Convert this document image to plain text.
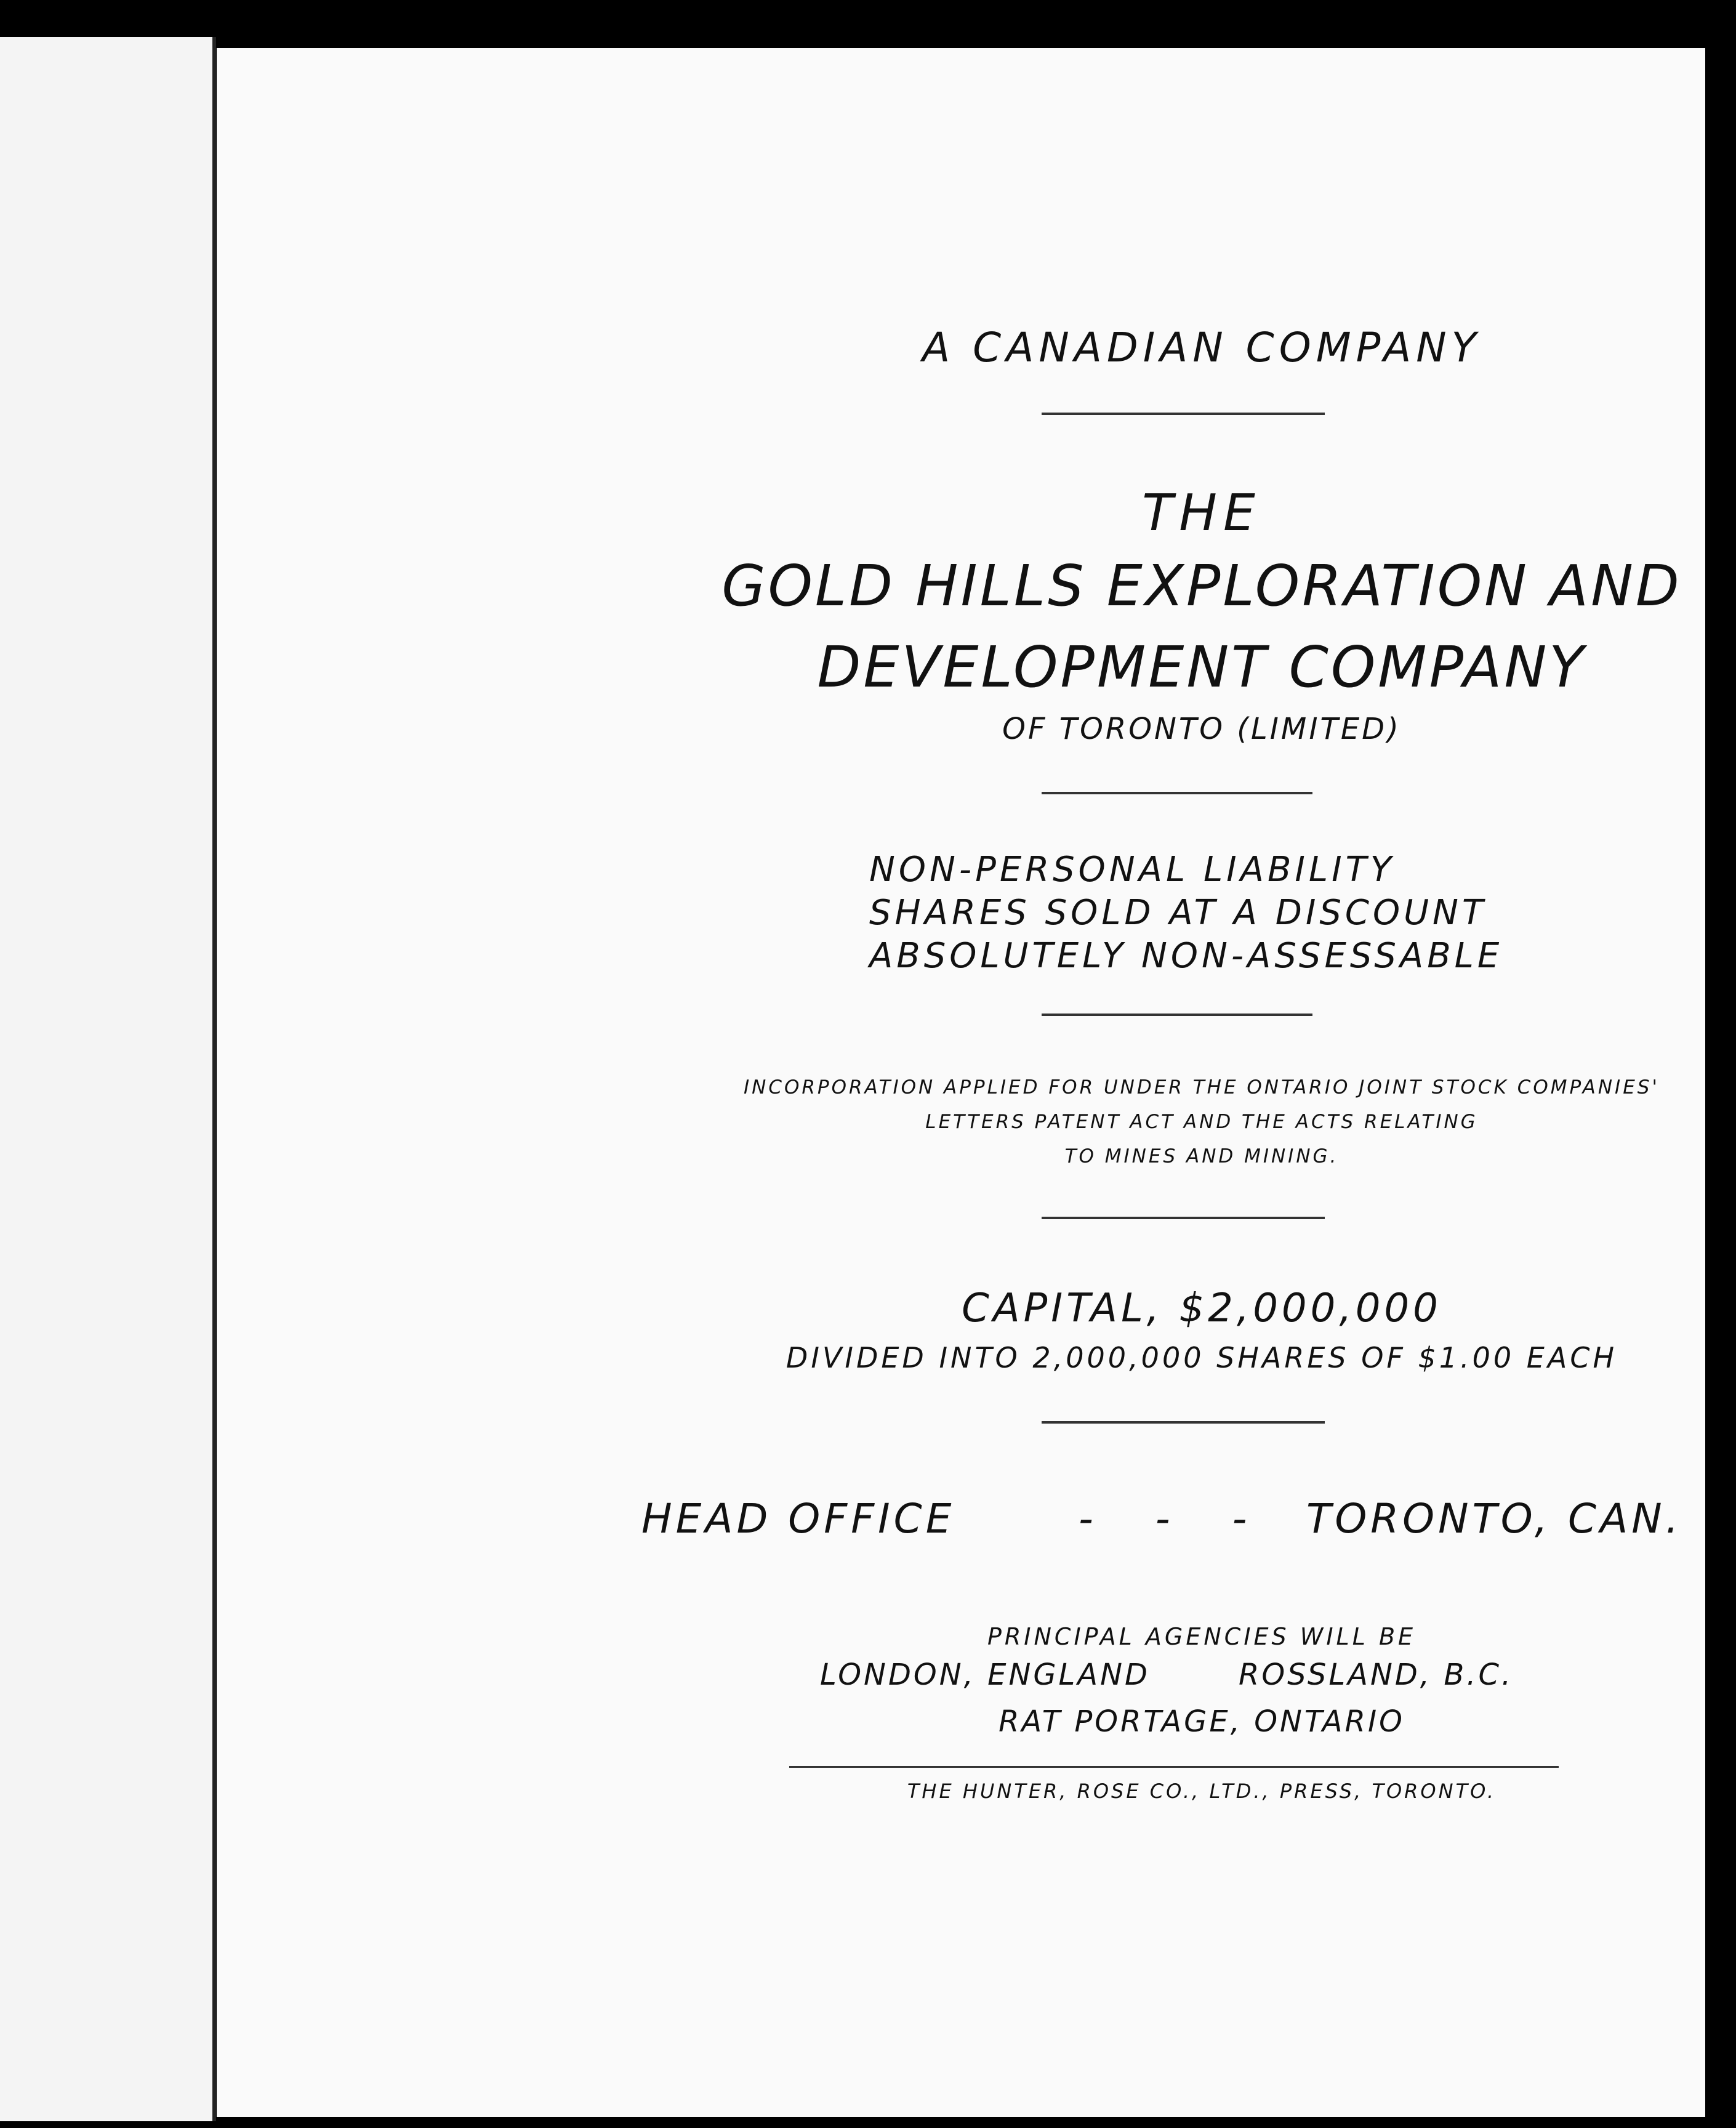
A CANADIAN COMPANY
THE
GOLD HILLS EXPLORATION AND
DEVELOPMENT COMPANY
OF TORONTO (LIMITED)
NON-PERSONAL LIABILITY
SHARES SOLD AT A DISCOUNT
ABSOLUTELY NON-ASSESSABLE
INCORPORATION APPLIED FOR UNDER THE ONTARIO JOINT STOCK COMPANIES'
LETTERS PATENT ACT AND THE ACTS RELATING
TO MINES AND MINING.
CAPITAL, $2,000,000
DIVIDED INTO 2,000,000 SHARES OF $1.00 EACH
HEAD OFFICE	- - - TORONTO, CAN.
PRINCIPAL AGENCIES WILL BE
LONDON, ENGLAND	ROSSLAND, B.C.
RAT PORTAGE, ONTARIO
THE HUNTER, ROSE CO., LTD., PRESS, TORONTO.
